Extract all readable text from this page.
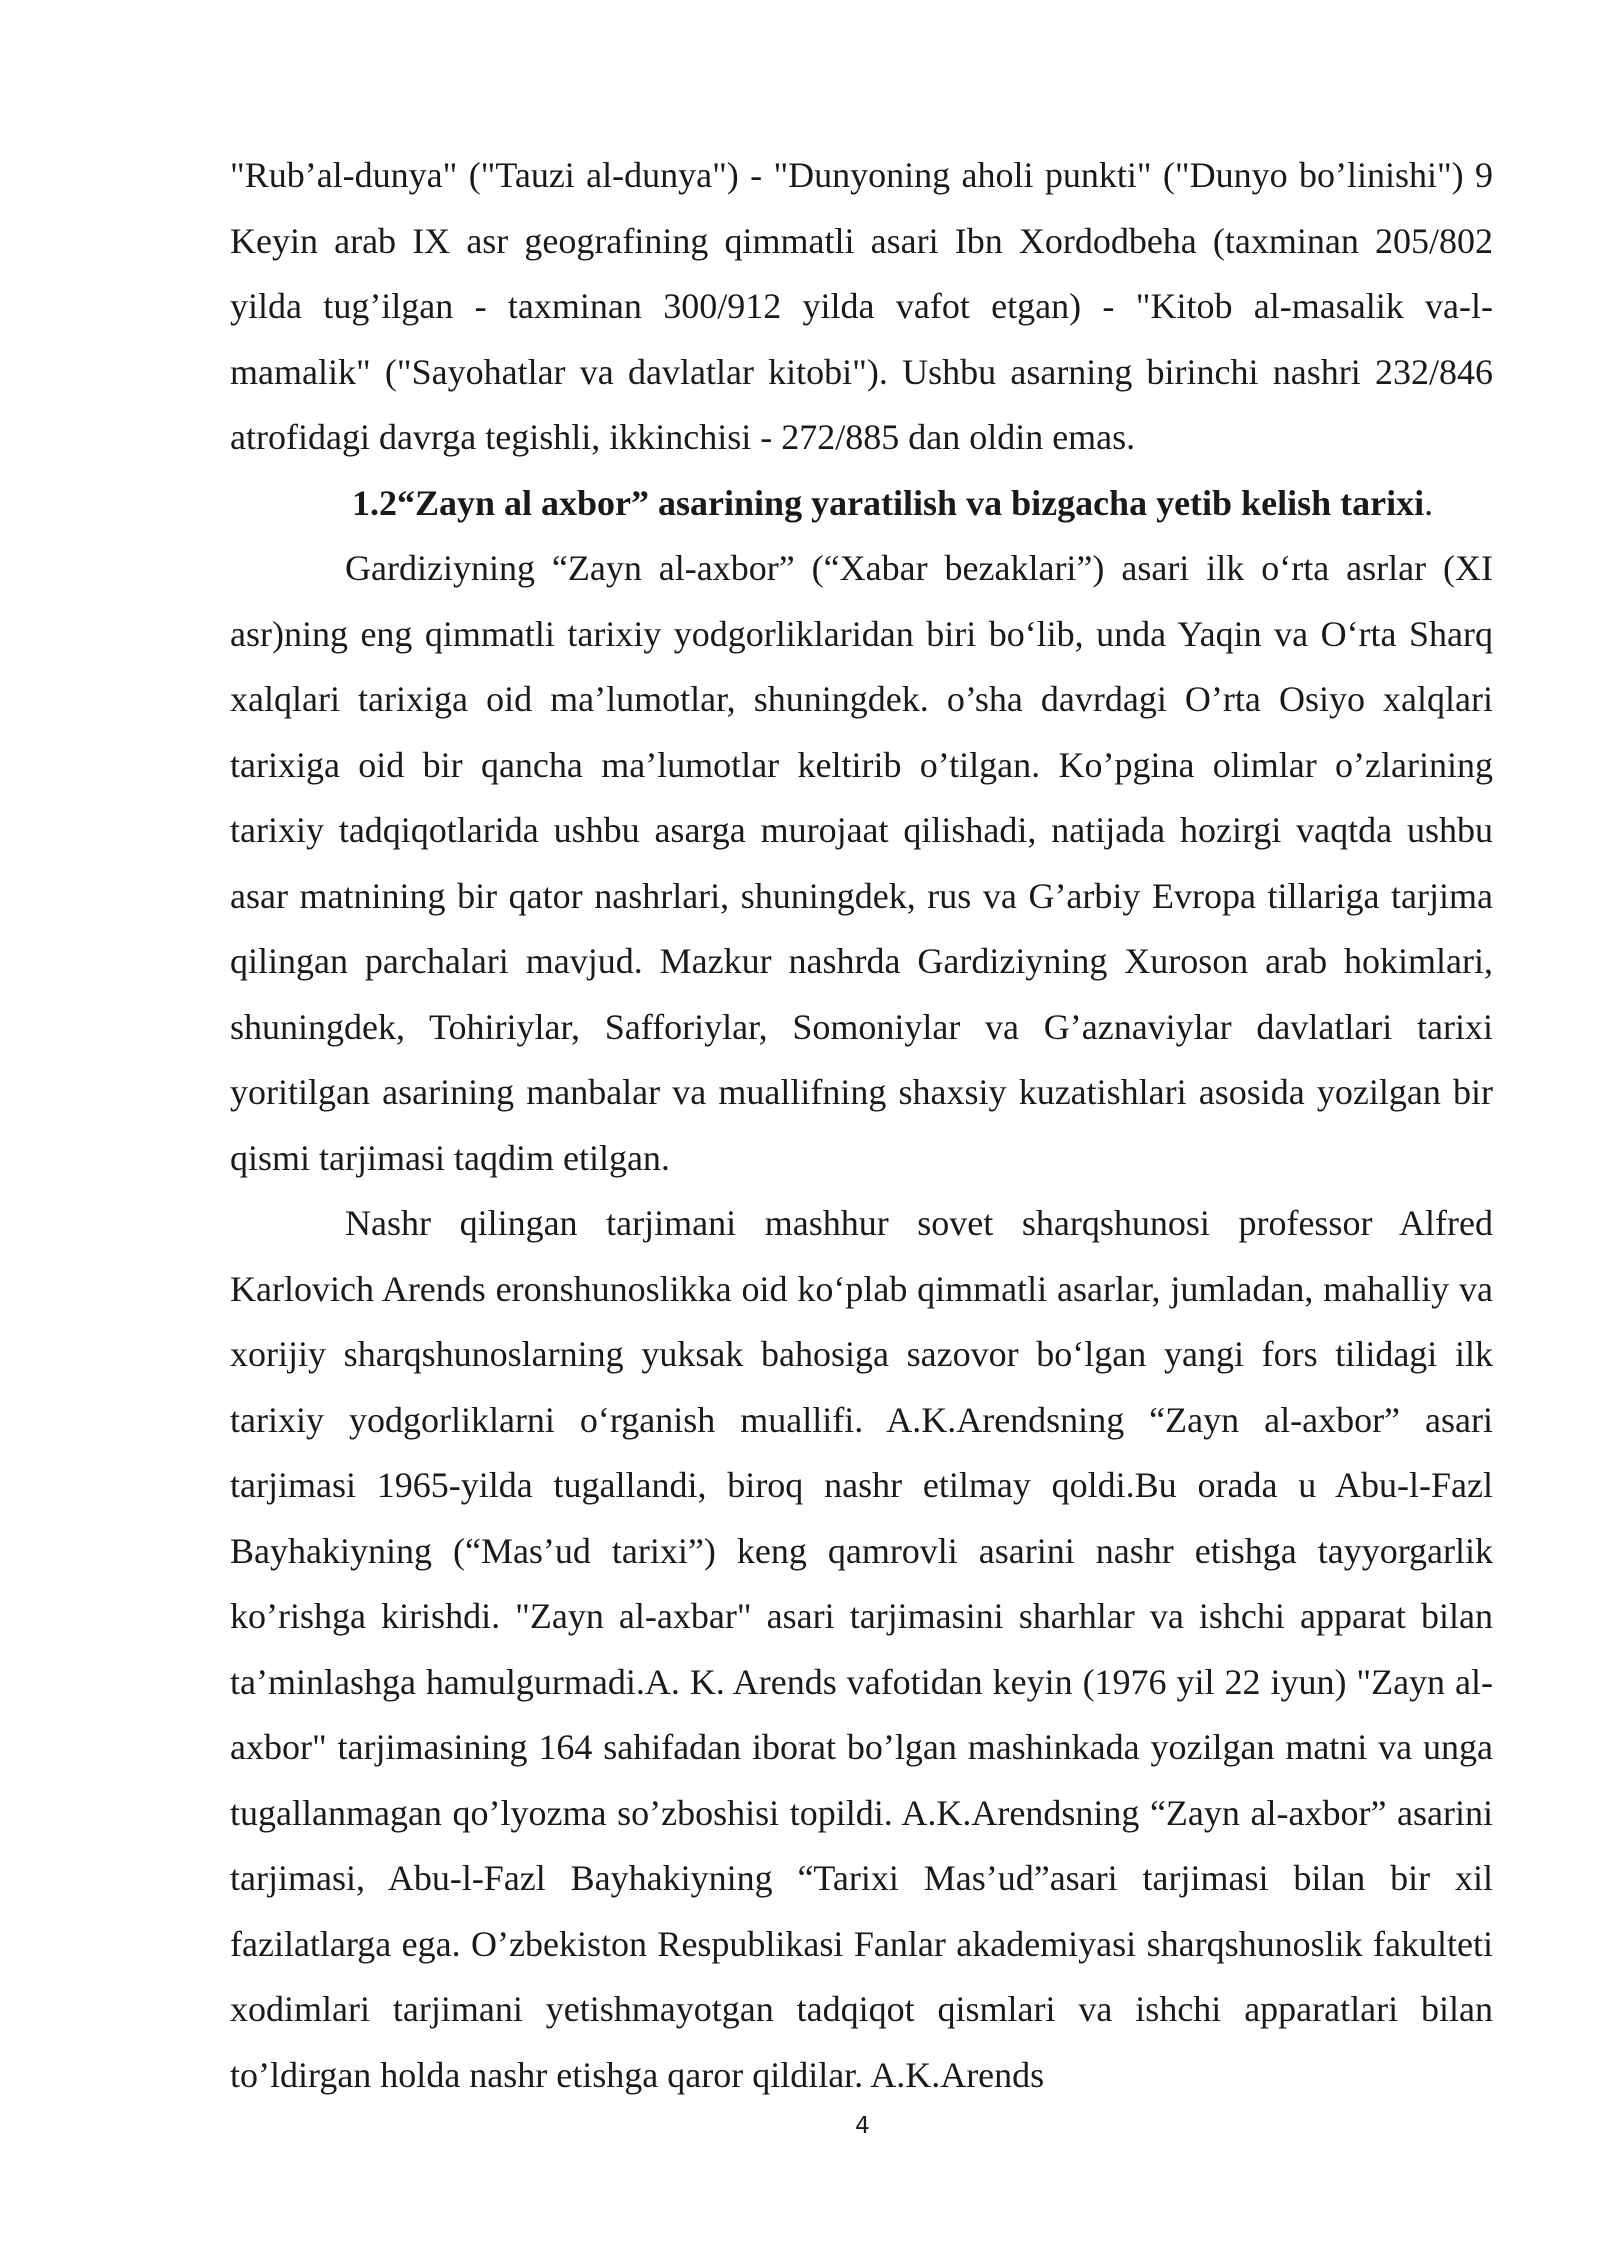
"Rub’al-dunya" ("Tauzi al-dunya") - "Dunyoning aholi punkti" ("Dunyo bo’linishi") 9 Keyin arab IX asr geografining qimmatli asari Ibn Xordodbeha (taxminan 205/802 yilda tug’ilgan - taxminan 300/912 yilda vafot etgan) - "Kitob al-masalik va-l-mamalik" ("Sayohatlar va davlatlar kitobi"). Ushbu asarning birinchi nashri 232/846 atrofidagi davrga tegishli, ikkinchisi - 272/885 dan oldin emas.

1.2“Zayn al axbor” asarining yaratilish va bizgacha yetib kelish tarixi.

Gardiziyning “Zayn al-axbor” (“Xabar bezaklari”) asari ilk o‘rta asrlar (XI asr)ning eng qimmatli tarixiy yodgorliklaridan biri bo‘lib, unda Yaqin va O‘rta Sharq xalqlari tarixiga oid ma’lumotlar, shuningdek. o’sha davrdagi O’rta Osiyo xalqlari tarixiga oid bir qancha ma’lumotlar keltirib o’tilgan. Ko’pgina olimlar o’zlarining tarixiy tadqiqotlarida ushbu asarga murojaat qilishadi, natijada hozirgi vaqtda ushbu asar matnining bir qator nashrlari, shuningdek, rus va G’arbiy Evropa tillariga tarjima qilingan parchalari mavjud. Mazkur nashrda Gardiziyning Xuroson arab hokimlari, shuningdek, Tohiriylar, Safforiylar, Somoniylar va G’aznaviylar davlatlari tarixi yoritilgan asarining manbalar va muallifning shaxsiy kuzatishlari asosida yozilgan bir qismi tarjimasi taqdim etilgan.

Nashr qilingan tarjimani mashhur sovet sharqshunosi professor Alfred Karlovich Arends eronshunoslikka oid ko‘plab qimmatli asarlar, jumladan, mahalliy va xorijiy sharqshunoslarning yuksak bahosiga sazovor bo‘lgan yangi fors tilidagi ilk tarixiy yodgorliklarni o‘rganish muallifi. A.K.Arendsning “Zayn al-axbor” asari tarjimasi 1965-yilda tugallandi, biroq nashr etilmay qoldi.Bu orada u Abu-l-Fazl Bayhakiyning (“Mas’ud tarixi”) keng qamrovli asarini nashr etishga tayyorgarlik ko’rishga kirishdi. "Zayn al-axbar" asari tarjimasini sharhlar va ishchi apparat bilan ta’minlashga hamulgurmadi.A. K. Arends vafotidan keyin (1976 yil 22 iyun) "Zayn al-axbor" tarjimasining 164 sahifadan iborat bo’lgan mashinkada yozilgan matni va unga tugallanmagan qo’lyozma so’zboshisi topildi. A.K.Arendsning “Zayn al-axbor” asarini tarjimasi, Abu-l-Fazl Bayhakiyning “Tarixi Mas’ud”asari tarjimasi bilan bir xil fazilatlarga ega. O’zbekiston Respublikasi Fanlar akademiyasi sharqshunoslik fakulteti xodimlari tarjimani yetishmayotgan tadqiqot qismlari va ishchi apparatlari bilan to’ldirgan holda nashr etishga qaror qildilar. A.K.Arends

4
